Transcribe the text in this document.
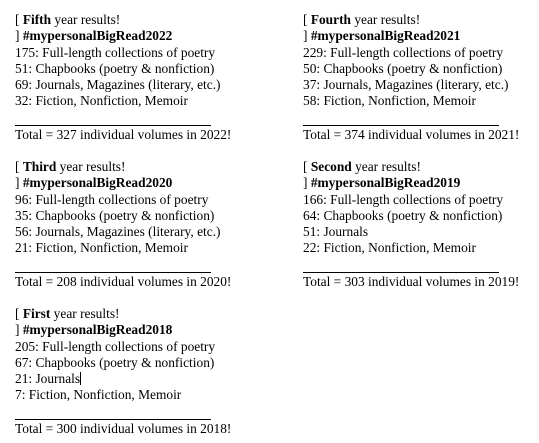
[ Fifth year results!
] #mypersonalBigRead2022
175: Full-length collections of poetry
51: Chapbooks (poetry & nonfiction)
69: Journals, Magazines (literary, etc.)
32: Fiction, Nonfiction, Memoir
Total = 327 individual volumes in 2022!
[ Fourth year results!
] #mypersonalBigRead2021
229: Full-length collections of poetry
50: Chapbooks (poetry & nonfiction)
37: Journals, Magazines (literary, etc.)
58: Fiction, Nonfiction, Memoir
Total = 374 individual volumes in 2021!
[ Third year results!
] #mypersonalBigRead2020
96: Full-length collections of poetry
35: Chapbooks (poetry & nonfiction)
56: Journals, Magazines (literary, etc.)
21: Fiction, Nonfiction, Memoir
Total = 208 individual volumes in 2020!
[ Second year results!
] #mypersonalBigRead2019
166: Full-length collections of poetry
64: Chapbooks (poetry & nonfiction)
51: Journals
22: Fiction, Nonfiction, Memoir
Total = 303 individual volumes in 2019!
[ First year results!
] #mypersonalBigRead2018
205: Full-length collections of poetry
67: Chapbooks (poetry & nonfiction)
21: Journals
7: Fiction, Nonfiction, Memoir
Total = 300 individual volumes in 2018!
